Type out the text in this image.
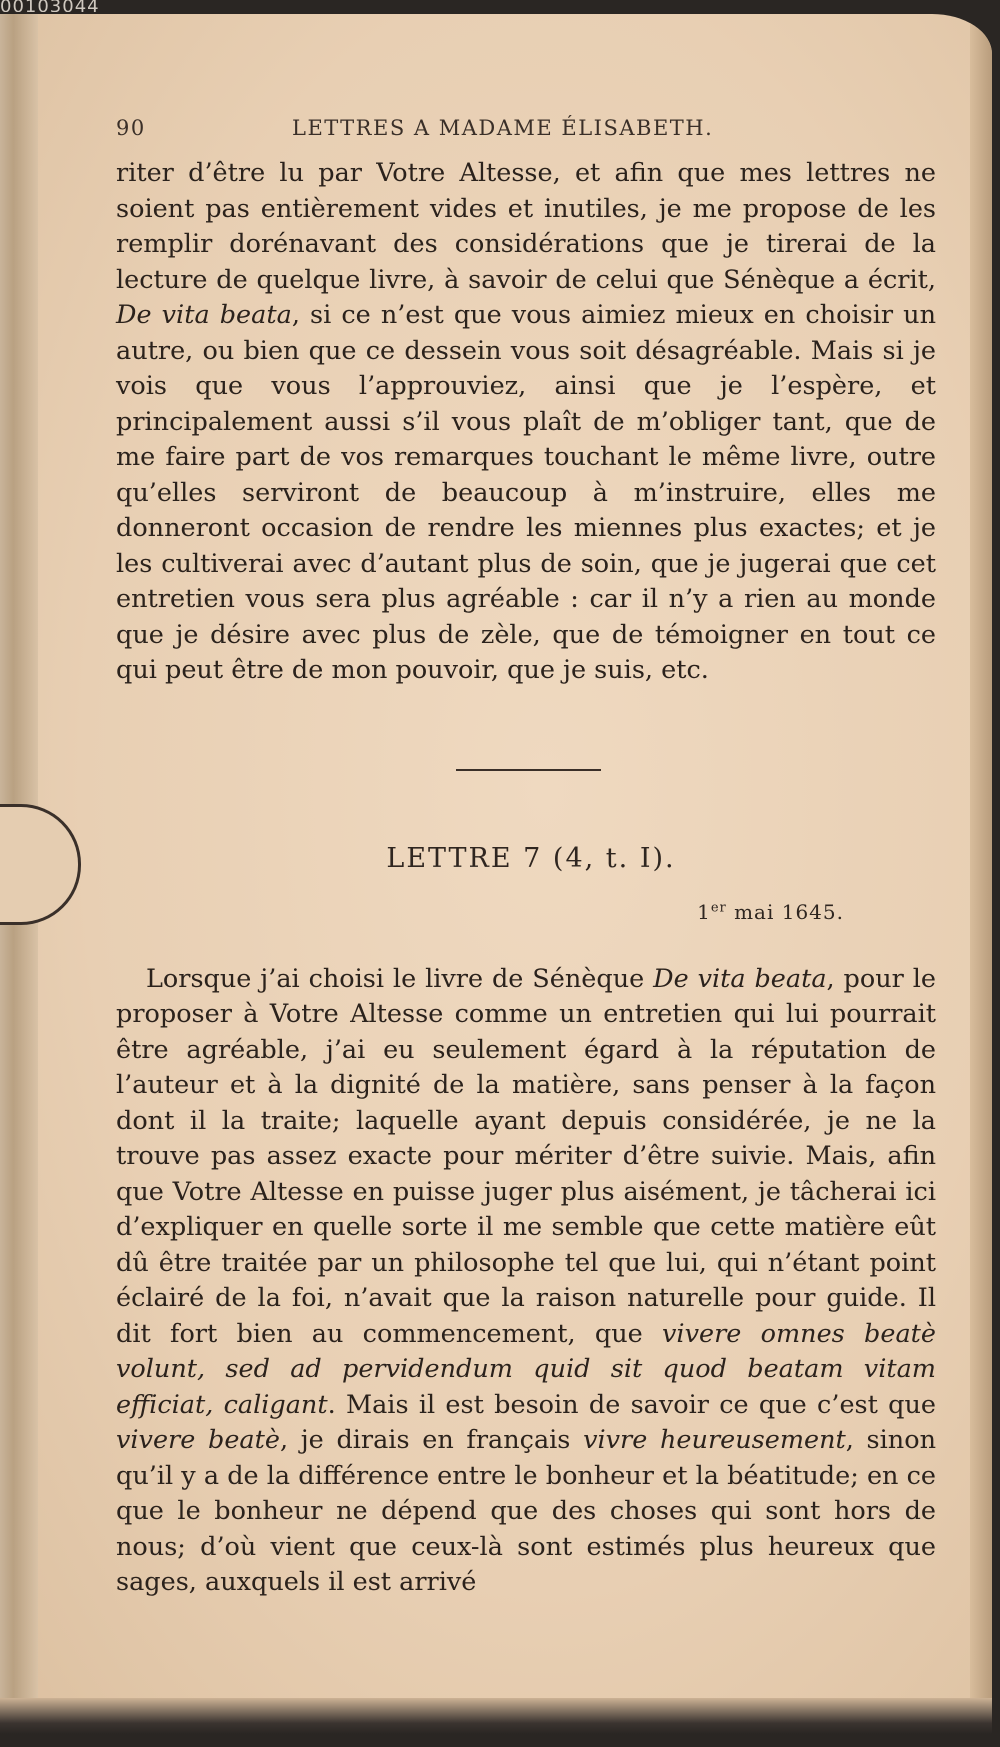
00103044
90	LETTRES A MADAME ÉLISABETH.

riter d’être lu par Votre Altesse, et afin que mes lettres ne soient pas entièrement vides et inutiles, je me propose de les remplir dorénavant des considérations que je tirerai de la lecture de quelque livre, à savoir de celui que Sénèque a écrit, De vita beata, si ce n’est que vous aimiez mieux en choisir un autre, ou bien que ce dessein vous soit désagréable. Mais si je vois que vous l’approuviez, ainsi que je l’espère, et principalement aussi s’il vous plaît de m’obliger tant, que de me faire part de vos remarques touchant le même livre, outre qu’elles serviront de beaucoup à m’instruire, elles me donneront occasion de rendre les miennes plus exactes; et je les cultiverai avec d’autant plus de soin, que je jugerai que cet entretien vous sera plus agréable : car il n’y a rien au monde que je désire avec plus de zèle, que de témoigner en tout ce qui peut être de mon pouvoir, que je suis, etc.

LETTRE 7 (4, t. I).
1er mai 1645.

Lorsque j’ai choisi le livre de Sénèque De vita beata, pour le proposer à Votre Altesse comme un entretien qui lui pourrait être agréable, j’ai eu seulement égard à la réputation de l’auteur et à la dignité de la matière, sans penser à la façon dont il la traite; laquelle ayant depuis considérée, je ne la trouve pas assez exacte pour mériter d’être suivie. Mais, afin que Votre Altesse en puisse juger plus aisément, je tâcherai ici d’expliquer en quelle sorte il me semble que cette matière eût dû être traitée par un philosophe tel que lui, qui n’étant point éclairé de la foi, n’avait que la raison naturelle pour guide. Il dit fort bien au commencement, que vivere omnes beatè volunt, sed ad pervidendum quid sit quod beatam vitam efficiat, caligant. Mais il est besoin de savoir ce que c’est que vivere beatè, je dirais en français vivre heureusement, sinon qu’il y a de la différence entre le bonheur et la béatitude; en ce que le bonheur ne dépend que des choses qui sont hors de nous; d’où vient que ceux-là sont estimés plus heureux que sages, auxquels il est arrivé
